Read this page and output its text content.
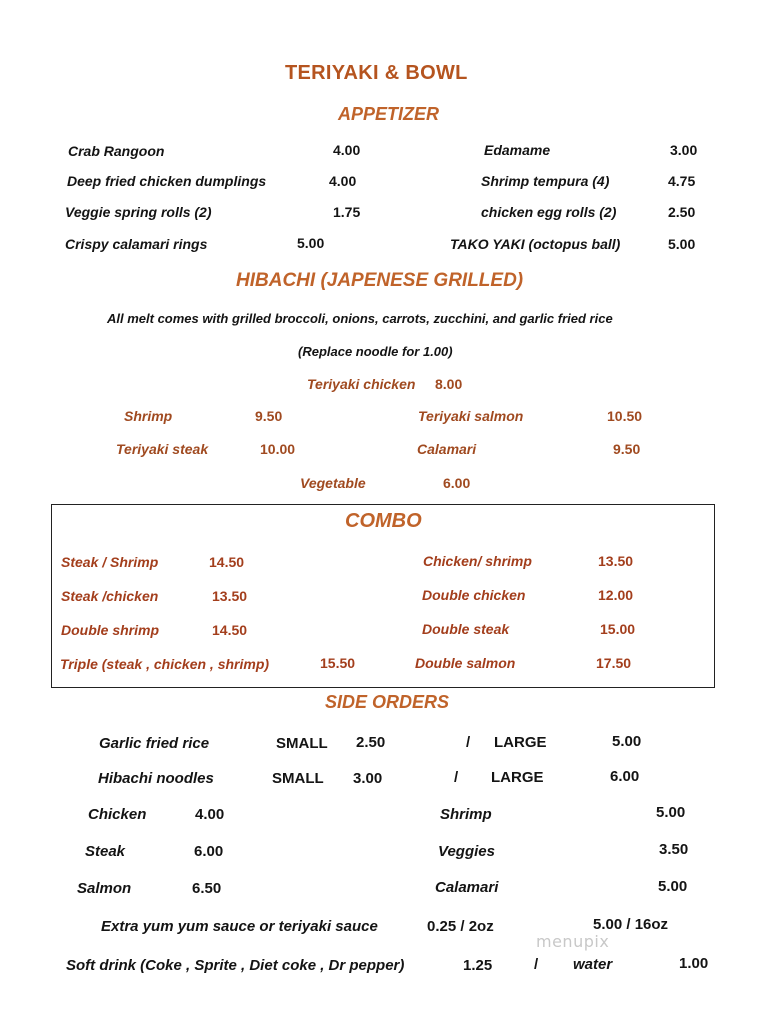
TERIYAKI & BOWL
APPETIZER
Crab Rangoon	4.00	Edamame	3.00
Deep fried chicken dumplings	4.00	Shrimp tempura (4)	4.75
Veggie spring rolls (2)	1.75	chicken egg rolls (2)	2.50
Crispy calamari rings	5.00	TAKO YAKI (octopus ball)	5.00
HIBACHI (JAPENESE GRILLED)
All melt comes with grilled broccoli, onions, carrots, zucchini, and garlic fried rice
(Replace noodle for 1.00)
Teriyaki chicken 8.00
Shrimp	9.50	Teriyaki salmon	10.50
Teriyaki steak	10.00	Calamari	9.50
Vegetable	6.00
COMBO
Steak / Shrimp	14.50	Chicken/ shrimp	13.50
Steak /chicken	13.50	Double chicken	12.00
Double shrimp	14.50	Double steak	15.00
Triple (steak , chicken , shrimp)	15.50	Double salmon	17.50
SIDE ORDERS
Garlic fried rice	SMALL 2.50	/ LARGE	5.00
Hibachi noodles	SMALL 3.00	/ LARGE	6.00
Chicken	4.00	Shrimp	5.00
Steak	6.00	Veggies	3.50
Salmon	6.50	Calamari	5.00
Extra yum yum sauce or teriyaki sauce	0.25 / 2oz	5.00 / 16oz
Soft drink (Coke , Sprite , Diet coke , Dr pepper)	1.25	/ water	1.00
menupix
